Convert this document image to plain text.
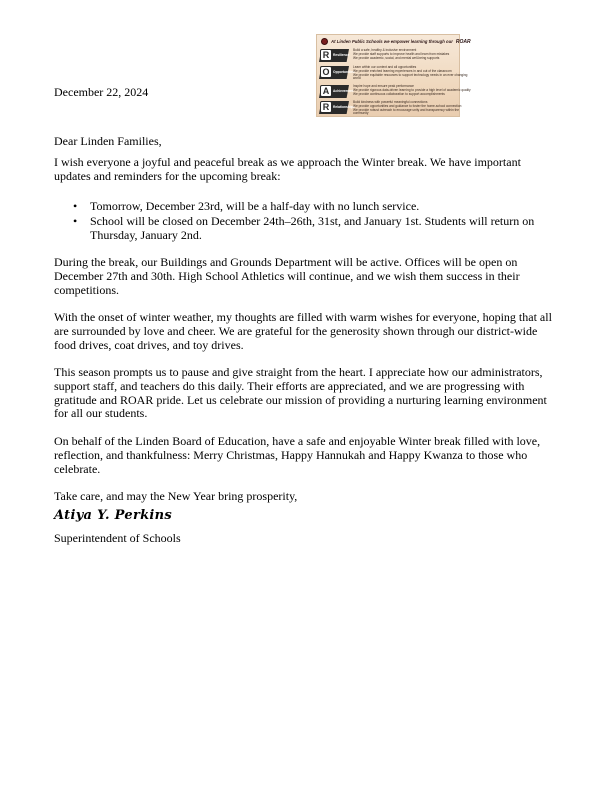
At Linden Public Schools we empower learning through our ROAR
R	Resilience
Build a safe, healthy & inclusive environment
We provide staff supports to improve health and learn from mistakes
We provide academic, social, and mental well-being supports
O	Opportunities
Learn within our context and all opportunities
We provide enriched learning experiences in and out of the classroom
We provide equitable resources to support technology needs in an ever changing
world
A	Achievement
Inspire hope and ensure peak performance
We provide rigorous data-driven learning to provide a high level of academic quality
We provide continuous collaboration to support accomplishments
R	Relationships
Build kindness with powerful meaningful connections
We provide opportunities and guidance to foster the home-school connection
We provide robust outreach to encourage unity and transparency within the
community
December 22, 2024
Dear Linden Families,
I wish everyone a joyful and peaceful break as we approach the Winter break. We have important updates and reminders for the upcoming break:
• Tomorrow, December 23rd, will be a half-day with no lunch service.
• School will be closed on December 24th–26th, 31st, and January 1st. Students will return on Thursday, January 2nd.
During the break, our Buildings and Grounds Department will be active. Offices will be open on December 27th and 30th. High School Athletics will continue, and we wish them success in their competitions.
With the onset of winter weather, my thoughts are filled with warm wishes for everyone, hoping that all are surrounded by love and cheer. We are grateful for the generosity shown through our district-wide food drives, coat drives, and toy drives.
This season prompts us to pause and give straight from the heart. I appreciate how our administrators, support staff, and teachers do this daily. Their efforts are appreciated, and we are progressing with gratitude and ROAR pride. Let us celebrate our mission of providing a nurturing learning environment for all our students.
On behalf of the Linden Board of Education, have a safe and enjoyable Winter break filled with love, reflection, and thankfulness: Merry Christmas, Happy Hannukah and Happy Kwanza to those who celebrate.
Take care, and may the New Year bring prosperity,
Atiya Y. Perkins
Superintendent of Schools
